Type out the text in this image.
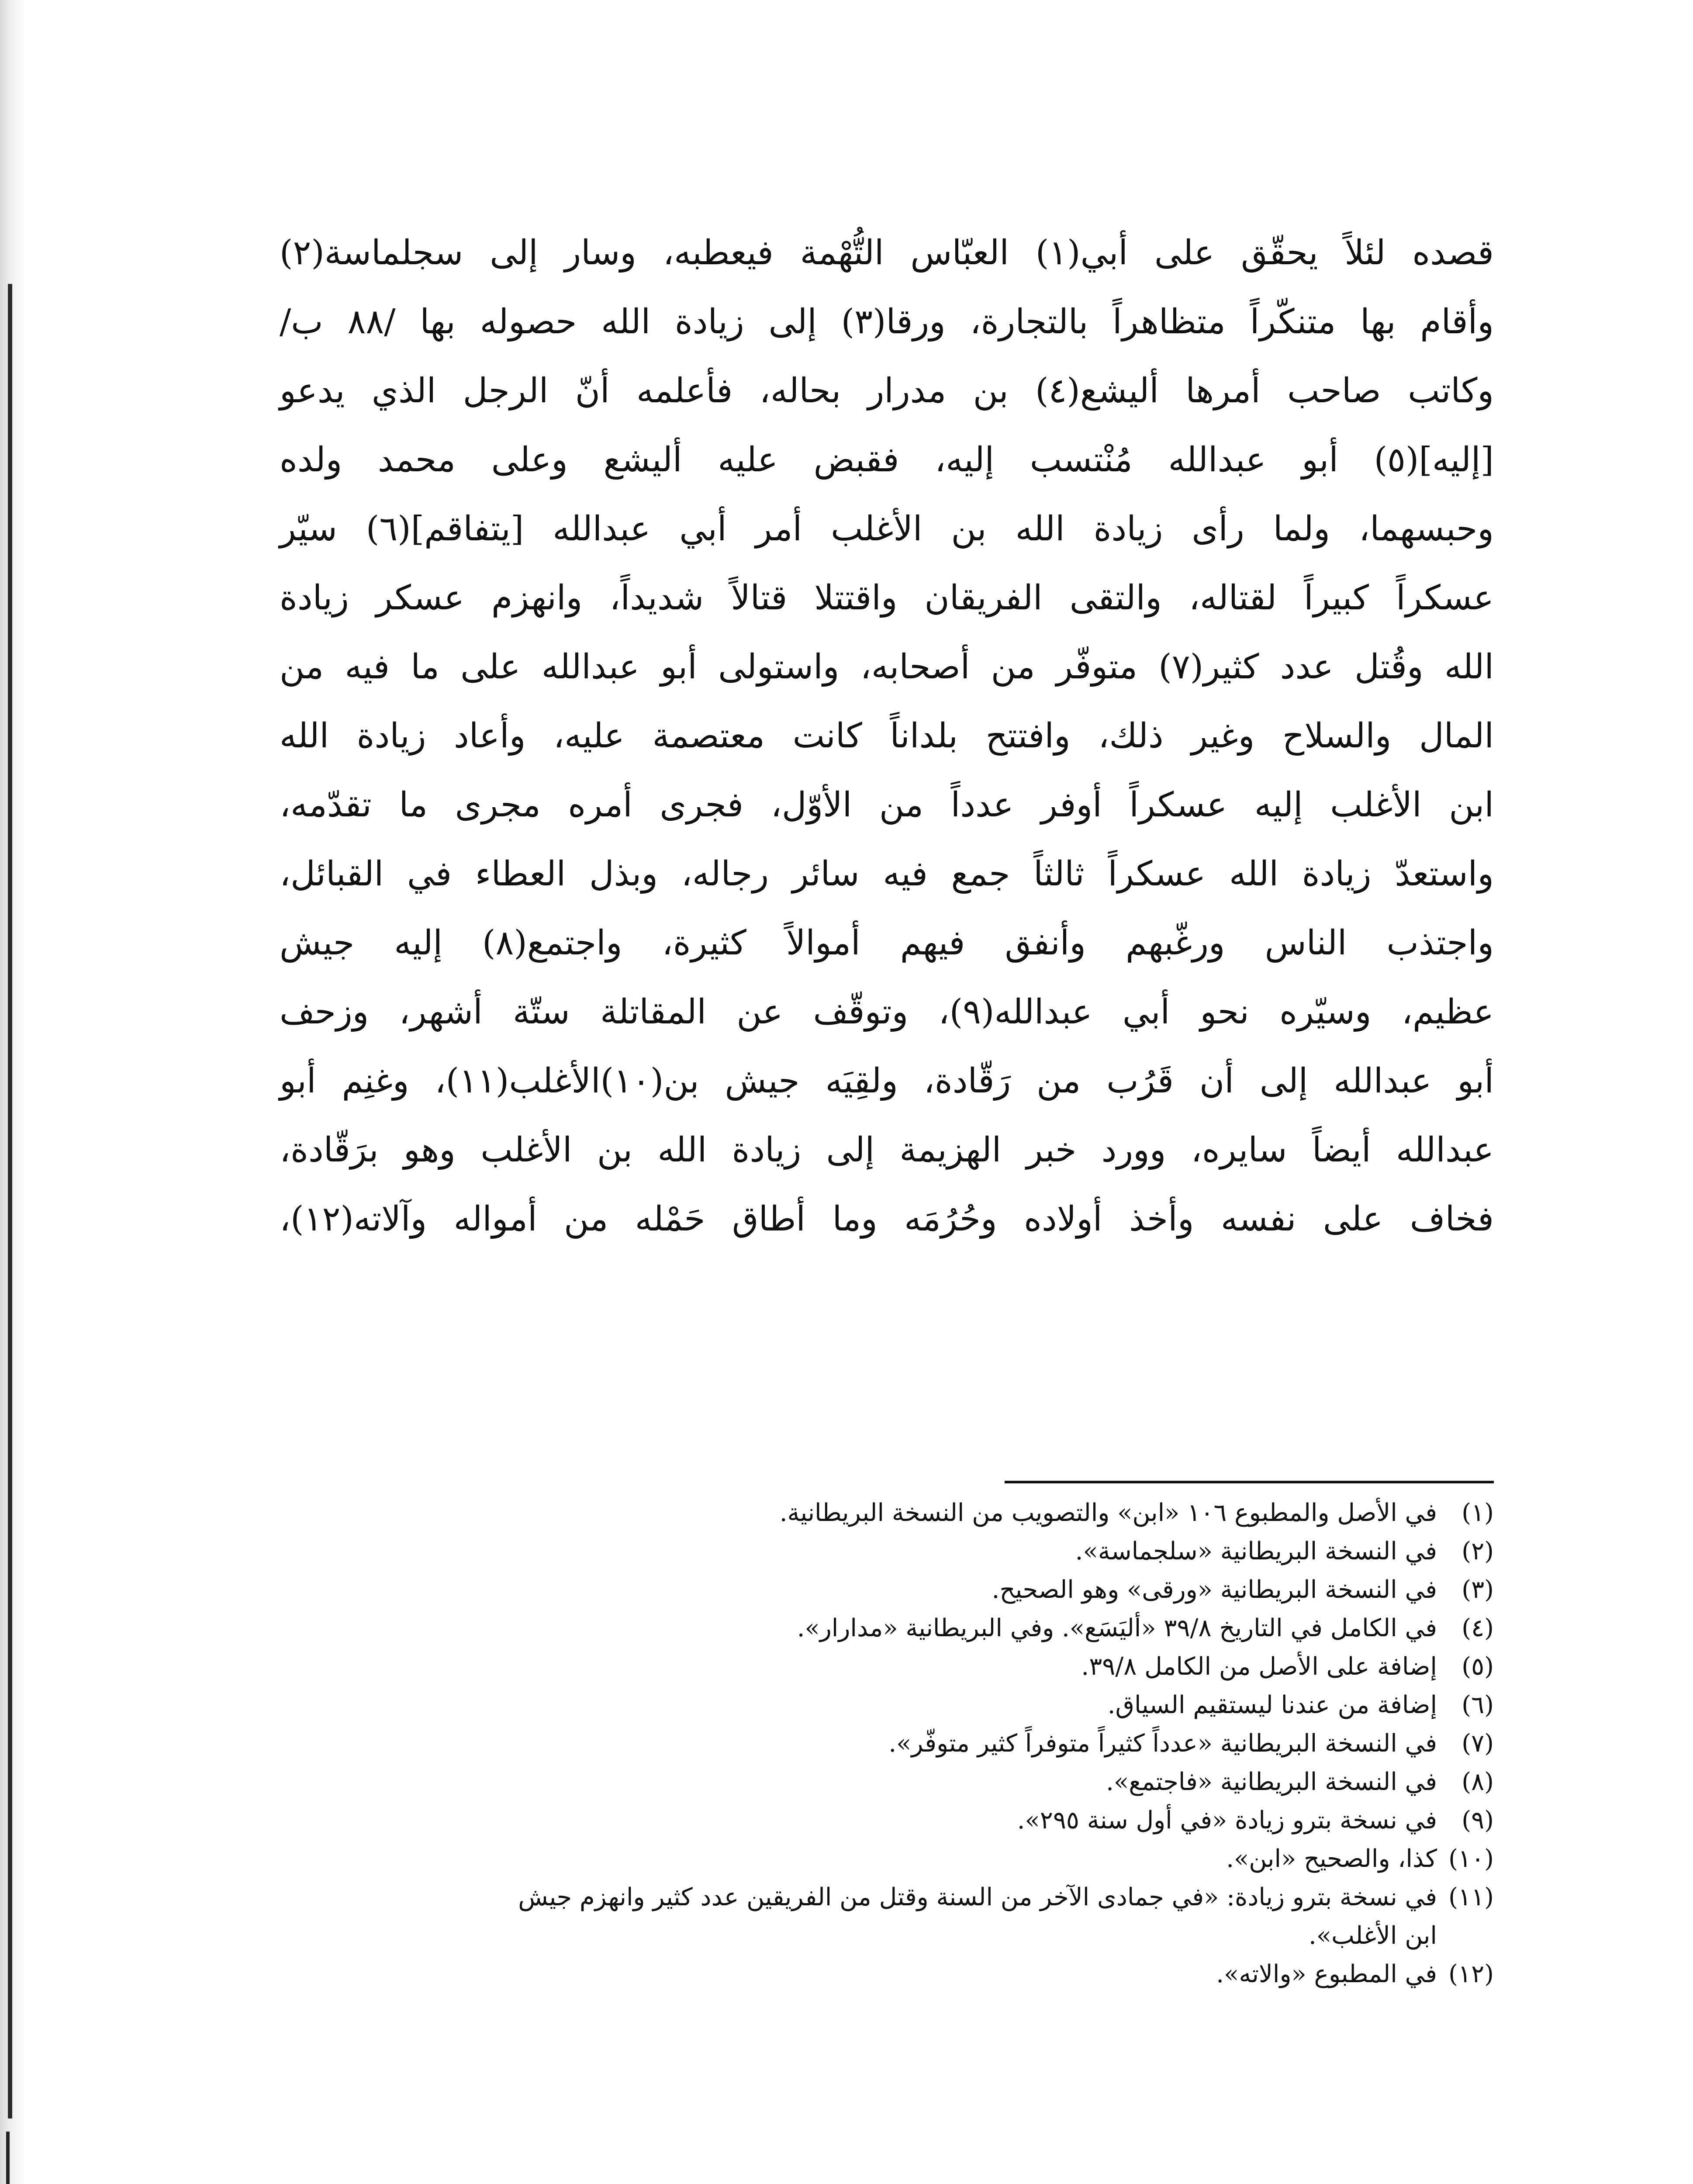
قصده لئلاً يحقّق على أبي(١) العبّاس التُّهْمة فيعطبه، وسار إلى سجلماسة(٢)
وأقام بها متنكّراً متظاهراً بالتجارة، ورقا(٣) إلى زيادة الله حصوله بها /٨٨ ب/
وكاتب صاحب أمرها أليشع(٤) بن مدرار بحاله، فأعلمه أنّ الرجل الذي يدعو
[إليه](٥) أبو عبدالله مُنْتسب إليه، فقبض عليه أليشع وعلى محمد ولده
وحبسهما، ولما رأى زيادة الله بن الأغلب أمر أبي عبدالله [يتفاقم](٦) سيّر
عسكراً كبيراً لقتاله، والتقى الفريقان واقتتلا قتالاً شديداً، وانهزم عسكر زيادة
الله وقُتل عدد كثير(٧) متوفّر من أصحابه، واستولى أبو عبدالله على ما فيه من
المال والسلاح وغير ذلك، وافتتح بلداناً كانت معتصمة عليه، وأعاد زيادة الله
ابن الأغلب إليه عسكراً أوفر عدداً من الأوّل، فجرى أمره مجرى ما تقدّمه،
واستعدّ زيادة الله عسكراً ثالثاً جمع فيه سائر رجاله، وبذل العطاء في القبائل،
واجتذب الناس ورغّبهم وأنفق فيهم أموالاً كثيرة، واجتمع(٨) إليه جيش
عظيم، وسيّره نحو أبي عبدالله(٩)، وتوقّف عن المقاتلة ستّة أشهر، وزحف
أبو عبدالله إلى أن قَرُب من رَقّادة، ولقِيَه جيش بن(١٠)الأغلب(١١)، وغنِم أبو
عبدالله أيضاً سايره، وورد خبر الهزيمة إلى زيادة الله بن الأغلب وهو برَقّادة،
فخاف على نفسه وأخذ أولاده وحُرُمَه وما أطاق حَمْله من أمواله وآلاته(١٢)،
(١)
في الأصل والمطبوع ١٠٦ «ابن» والتصويب من النسخة البريطانية.
(٢)
في النسخة البريطانية «سلجماسة».
(٣)
في النسخة البريطانية «ورقى» وهو الصحيح.
(٤)
في الكامل في التاريخ ٣٩/٨ «أليَسَع». وفي البريطانية «مدارار».
(٥)
إضافة على الأصل من الكامل ٣٩/٨.
(٦)
إضافة من عندنا ليستقيم السياق.
(٧)
في النسخة البريطانية «عدداً كثيراً متوفراً كثير متوفّر».
(٨)
في النسخة البريطانية «فاجتمع».
(٩)
في نسخة بترو زيادة «في أول سنة ٢٩٥».
(١٠)
كذا، والصحيح «ابن».
(١١)
في نسخة بترو زيادة: «في جمادى الآخر من السنة وقتل من الفريقين عدد كثير وانهزم جيش
ابن الأغلب».
(١٢)
في المطبوع «والاته».
